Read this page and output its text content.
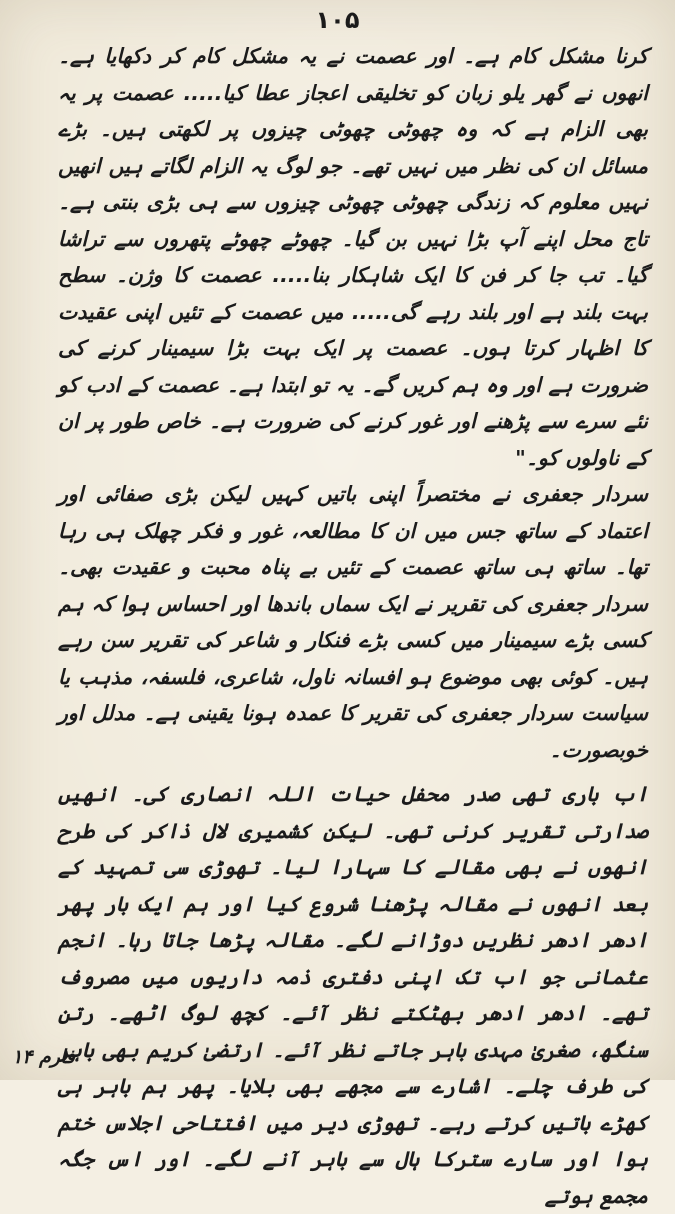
۱۰۵

کرنا مشکل کام ہے۔ اور عصمت نے یہ مشکل کام کر دکھایا ہے۔ انھوں نے گھر یلو زبان کو تخلیقی اعجاز عطا کیا..... عصمت پر یہ بھی الزام ہے کہ وہ چھوٹی چھوٹی چیزوں پر لکھتی ہیں۔ بڑے مسائل ان کی نظر میں نہیں تھے۔ جو لوگ یہ الزام لگاتے ہیں انھیں نہیں معلوم کہ زندگی چھوٹی چھوٹی چیزوں سے ہی بڑی بنتی ہے۔ تاج محل اپنے آپ بڑا نہیں بن گیا۔ چھوٹے چھوٹے پتھروں سے تراشا گیا۔ تب جا کر فن کا ایک شاہکار بنا..... عصمت کا وژن۔ سطح بہت بلند ہے اور بلند رہے گی..... میں عصمت کے تئیں اپنی عقیدت کا اظہار کرتا ہوں۔ عصمت پر ایک بہت بڑا سیمینار کرنے کی ضرورت ہے اور وہ ہم کریں گے۔ یہ تو ابتدا ہے۔ عصمت کے ادب کو نئے سرے سے پڑھنے اور غور کرنے کی ضرورت ہے۔ خاص طور پر ان کے ناولوں کو۔"

سردار جعفری نے مختصراً اپنی باتیں کہیں لیکن بڑی صفائی اور اعتماد کے ساتھ جس میں ان کا مطالعہ، غور و فکر چھلک ہی رہا تھا۔ ساتھ ہی ساتھ عصمت کے تئیں بے پناہ محبت و عقیدت بھی۔ سردار جعفری کی تقریر نے ایک سماں باندھا اور احساس ہوا کہ ہم کسی بڑے سیمینار میں کسی بڑے فنکار و شاعر کی تقریر سن رہے ہیں۔ کوئی بھی موضوع ہو افسانہ ناول، شاعری، فلسفہ، مذہب یا سیاست سردار جعفری کی تقریر کا عمدہ ہونا یقینی ہے۔ مدلل اور خوبصورت۔

اب باری تھی صدر محفل حیات اللہ انصاری کی۔ انھیں صدارتی تقریر کرنی تھی۔ لیکن کشمیری لال ذاکر کی طرح انھوں نے بھی مقالے کا سہارا لیا۔ تھوڑی سی تمہید کے بعد انھوں نے مقالہ پڑھنا شروع کیا اور ہم ایک بار پھر ادھر ادھر نظریں دوڑانے لگے۔ مقالہ پڑھا جاتا رہا۔ انجم عثمانی جو اب تک اپنی دفتری ذمہ داریوں میں مصروف تھے۔ ادھر ادھر بھٹکتے نظر آئے۔ کچھ لوگ اٹھے۔ رتن سنگھ، صغریٰ مہدی باہر جاتے نظر آئے۔ ارتضیٰ کریم بھی باہر کی طرف چلے۔ اشارے سے مجھے بھی بلایا۔ پھر ہم باہر ہی کھڑے باتیں کرتے رہے۔ تھوڑی دیر میں افتتاحی اجلاس ختم ہوا اور سارے سترکا ہال سے باہر آنے لگے۔ اور اس جگہ مجمع ہوتے

فارم ۱۴
